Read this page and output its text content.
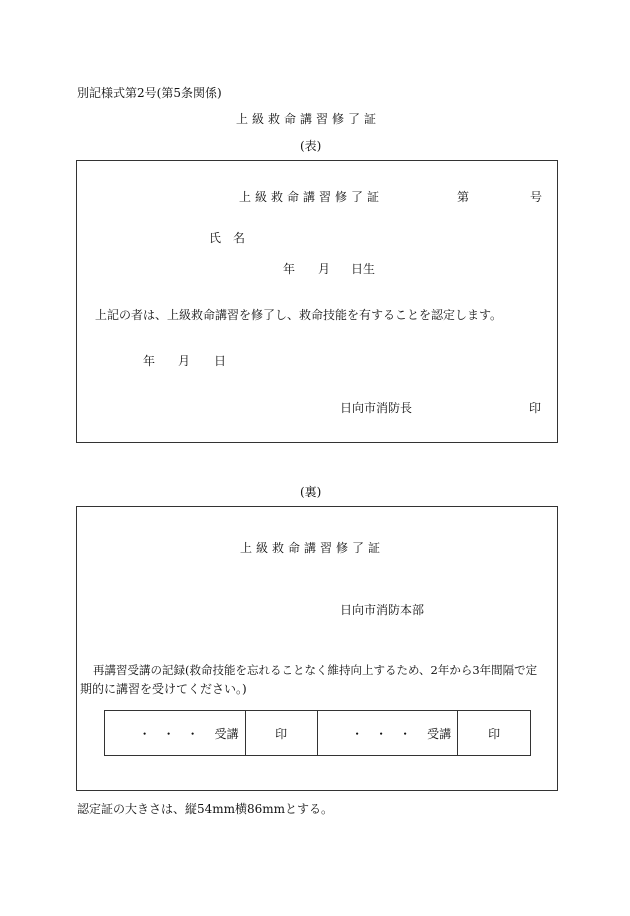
別記様式第2号(第5条関係)
上級救命講習修了証
(表)
上級救命講習修了証	第	号
氏　名
年 月 日生
上記の者は、上級救命講習を修了し、救命技能を有することを認定します。
年 月 日
日向市消防長	印
(裏)
上級救命講習修了証
日向市消防本部
再講習受講の記録(救命技能を忘れることなく維持向上するため、2年から3年間隔で定
期的に講習を受けてください。)
・・・ 受講	印	・・・ 受講	印
認定証の大きさは、縦54mm横86mmとする。
